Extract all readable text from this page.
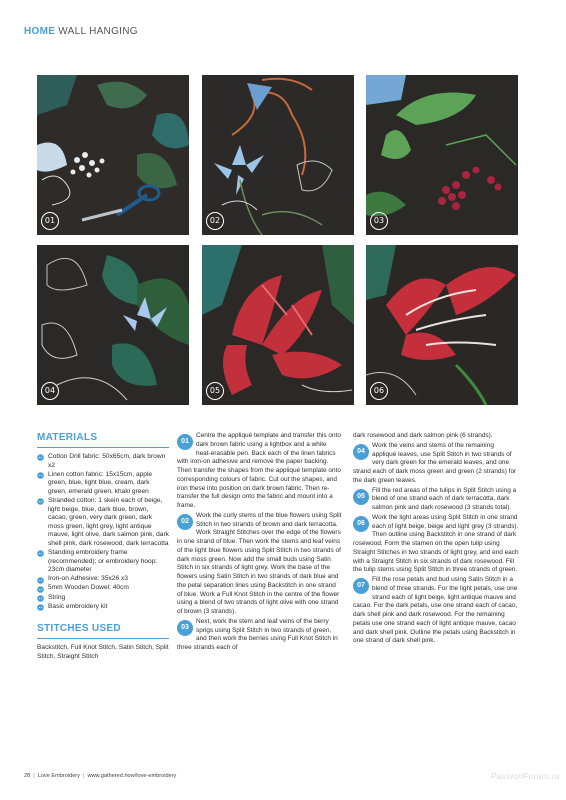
HOME WALL HANGING
01	02	03
04	05	06
MATERIALS
Cotton Drill fabric: 50x65cm, dark brown x2
Linen cotton fabric: 15x15cm, apple green, blue, light blue, cream, dark green, emerald green, khaki green
Stranded cotton: 1 skein each of beige, light beige, blue, dark blue, brown, cacao, green, very dark green, dark moss green, light grey, light antique mauve, light olive, dark salmon pink, dark shell pink, dark rosewood, dark terracotta
Standing embroidery frame (recommended); or embroidery hoop: 23cm diameter
Iron-on Adhesive: 35x26 x3
5mm Wooden Dowel: 40cm
String
Basic embroidery kit
STITCHES USED
Backstitch, Full Knot Stitch, Satin Stitch, Split Stitch, Straight Stitch

01
Centre the appliqué template and transfer this onto dark brown fabric using a lightbox and a white heat-erasable pen. Back each of the linen fabrics with iron-on adhesive and remove the paper backing. Then transfer the shapes from the appliqué template onto corresponding colours of fabric. Cut out the shapes, and iron these into position on dark brown fabric. Then re-transfer the full design onto the fabric and mount into a frame.

02
Work the curly stems of the blue flowers using Split Stitch in two strands of brown and dark terracotta. Work Straight Stitches over the edge of the flowers in one strand of blue. Then work the stems and leaf veins of the light blue flowers using Split Stitch in two strands of dark moss green. Now add the small buds using Satin Stitch in six strands of light grey. Work the base of the flowers using Satin Stitch in two strands of dark blue and the petal separation lines using Backstitch in one strand of blue. Work a Full Knot Stitch in the centre of the flower using a blend of two strands of light olive with one strand of brown (3 strands).

03
Next, work the stem and leaf veins of the berry sprigs using Split Stitch in two strands of green, and then work the berries using Full Knot Stitch in three strands each of

dark rosewood and dark salmon pink (6 strands).

04
Work the veins and stems of the remaining appliqué leaves, use Split Stitch in two strands of very dark green for the emerald leaves, and one strand each of dark moss green and green (2 strands) for the dark green leaves.

05
Fill the red areas of the tulips in Split Stitch using a blend of one strand each of dark terracotta, dark salmon pink and dark rosewood (3 strands total).

06
Work the light areas using Split Stitch in one strand each of light beige, beige and light grey (3 strands). Then outline using Backstitch in one strand of dark rosewood. Form the stamen on the open tulip using Straight Stitches in two strands of light grey, and end each with a Straight Stitch in six strands of dark rosewood. Fill the tulip stems using Split Stitch in three strands of green.

07
Fill the rose petals and bud using Satin Stitch in a blend of three strands. For the light petals, use one strand each of light beige, light antique mauve and cacao. For the dark petals, use one strand each of cacao, dark shell pink and dark rosewood. For the remaining petals use one strand each of light antique mauve, cacao and dark shell pink. Outline the petals using Backstitch in one strand of dark shell pink.

28 | Love Embroidery | www.gathered.how/love-embroidery	PassionForum.ru
